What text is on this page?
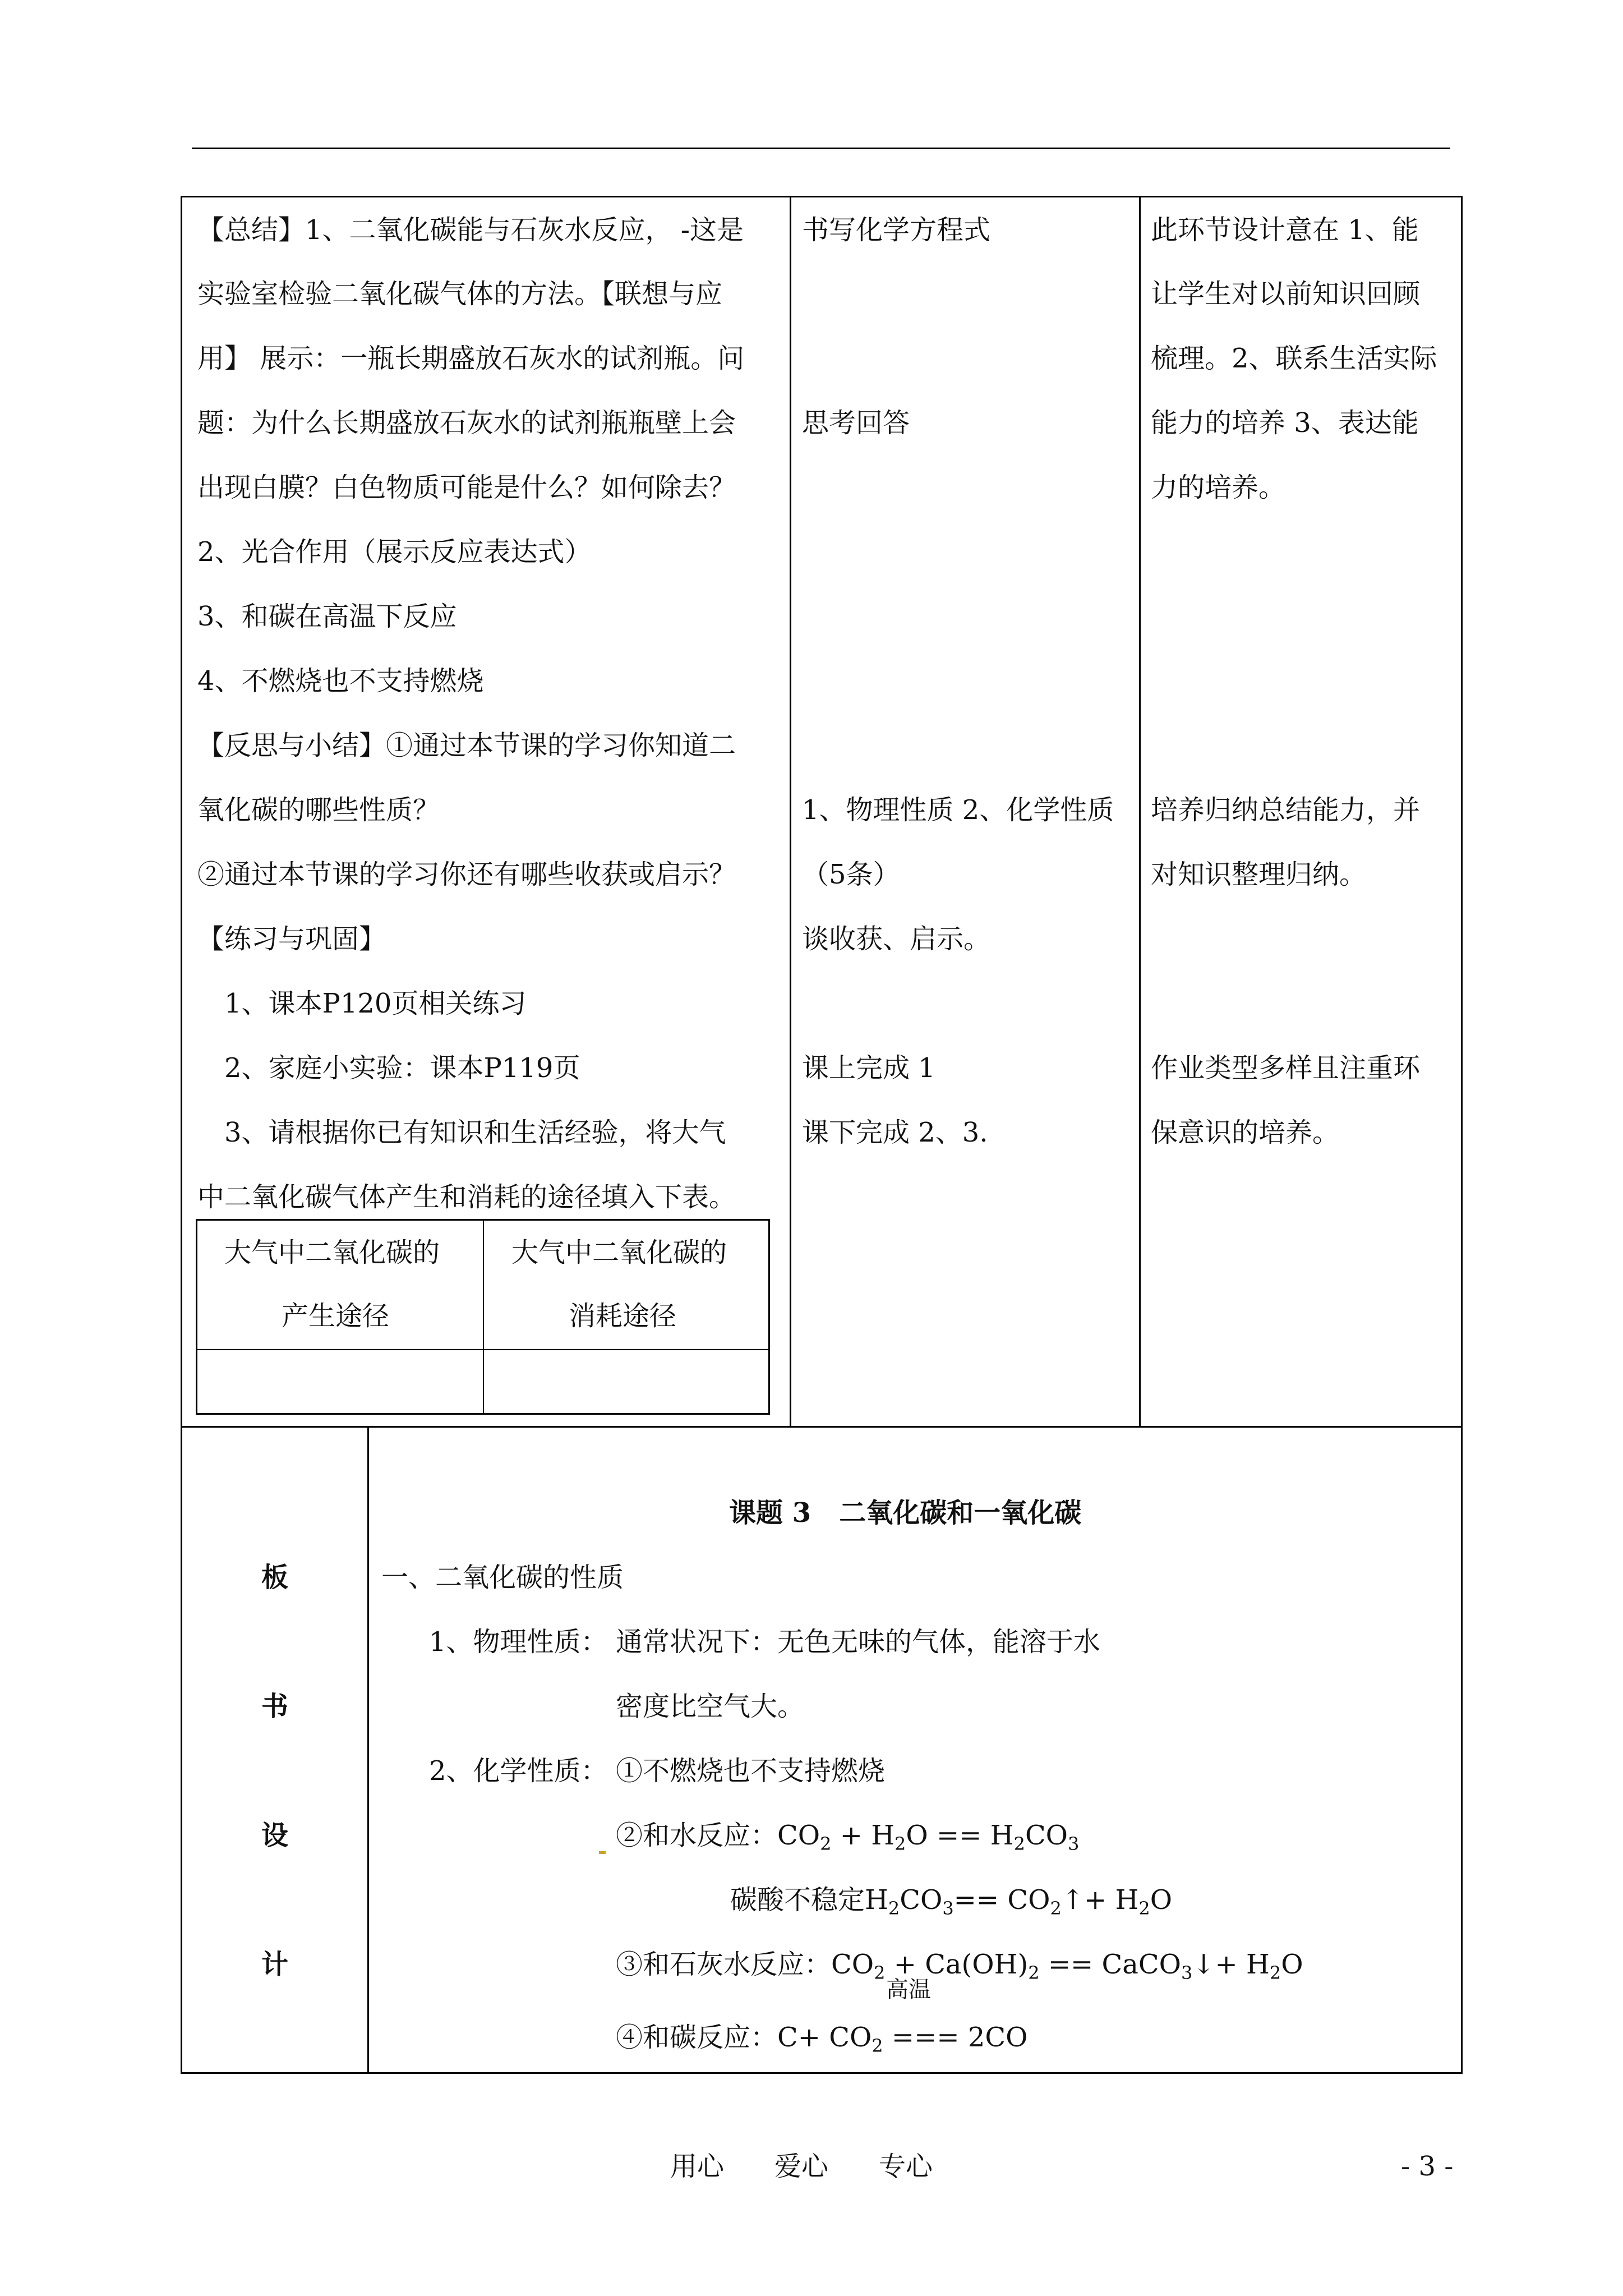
【总结】1、二氧化碳能与石灰水反应， -这是
实验室检验二氧化碳气体的方法。【联想与应
用】 展示：一瓶长期盛放石灰水的试剂瓶。问
题：为什么长期盛放石灰水的试剂瓶瓶壁上会
出现白膜？白色物质可能是什么？如何除去？
2、光合作用（展示反应表达式）
3、和碳在高温下反应
4、不燃烧也不支持燃烧
【反思与小结】①通过本节课的学习你知道二
氧化碳的哪些性质？
②通过本节课的学习你还有哪些收获或启示？
【练习与巩固】
1、课本P120页相关练习
2、家庭小实验：课本P119页
3、请根据你已有知识和生活经验，将大气
中二氧化碳气体产生和消耗的途径填入下表。
大气中二氧化碳的
产生途径
大气中二氧化碳的
消耗途径
书写化学方程式
思考回答
1、物理性质 2、化学性质
（5条）
谈收获、启示。
课上完成 1
课下完成 2、3.
此环节设计意在 1、能
让学生对以前知识回顾
梳理。2、联系生活实际
能力的培养 3、表达能
力的培养。
培养归纳总结能力，并
对知识整理归纳。
作业类型多样且注重环
保意识的培养。
板
书
设
计
课题 3   二氧化碳和一氧化碳
一、二氧化碳的性质
1、物理性质： 通常状况下：无色无味的气体，能溶于水
密度比空气大。
2、化学性质： ①不燃烧也不支持燃烧
②和水反应：$CO_2 + H_2O == H_2CO_3$
碳酸不稳定$H_2CO_3==$ $CO_2↑+ H_2O$
③和石灰水反应：$CO_2 + Ca(OH)_2$ == CaCO$_3$↓+ $H_2O$
高温
④和碳反应：$C+ CO_2$ === 2CO
用心 爱心 专心	- 3 -
